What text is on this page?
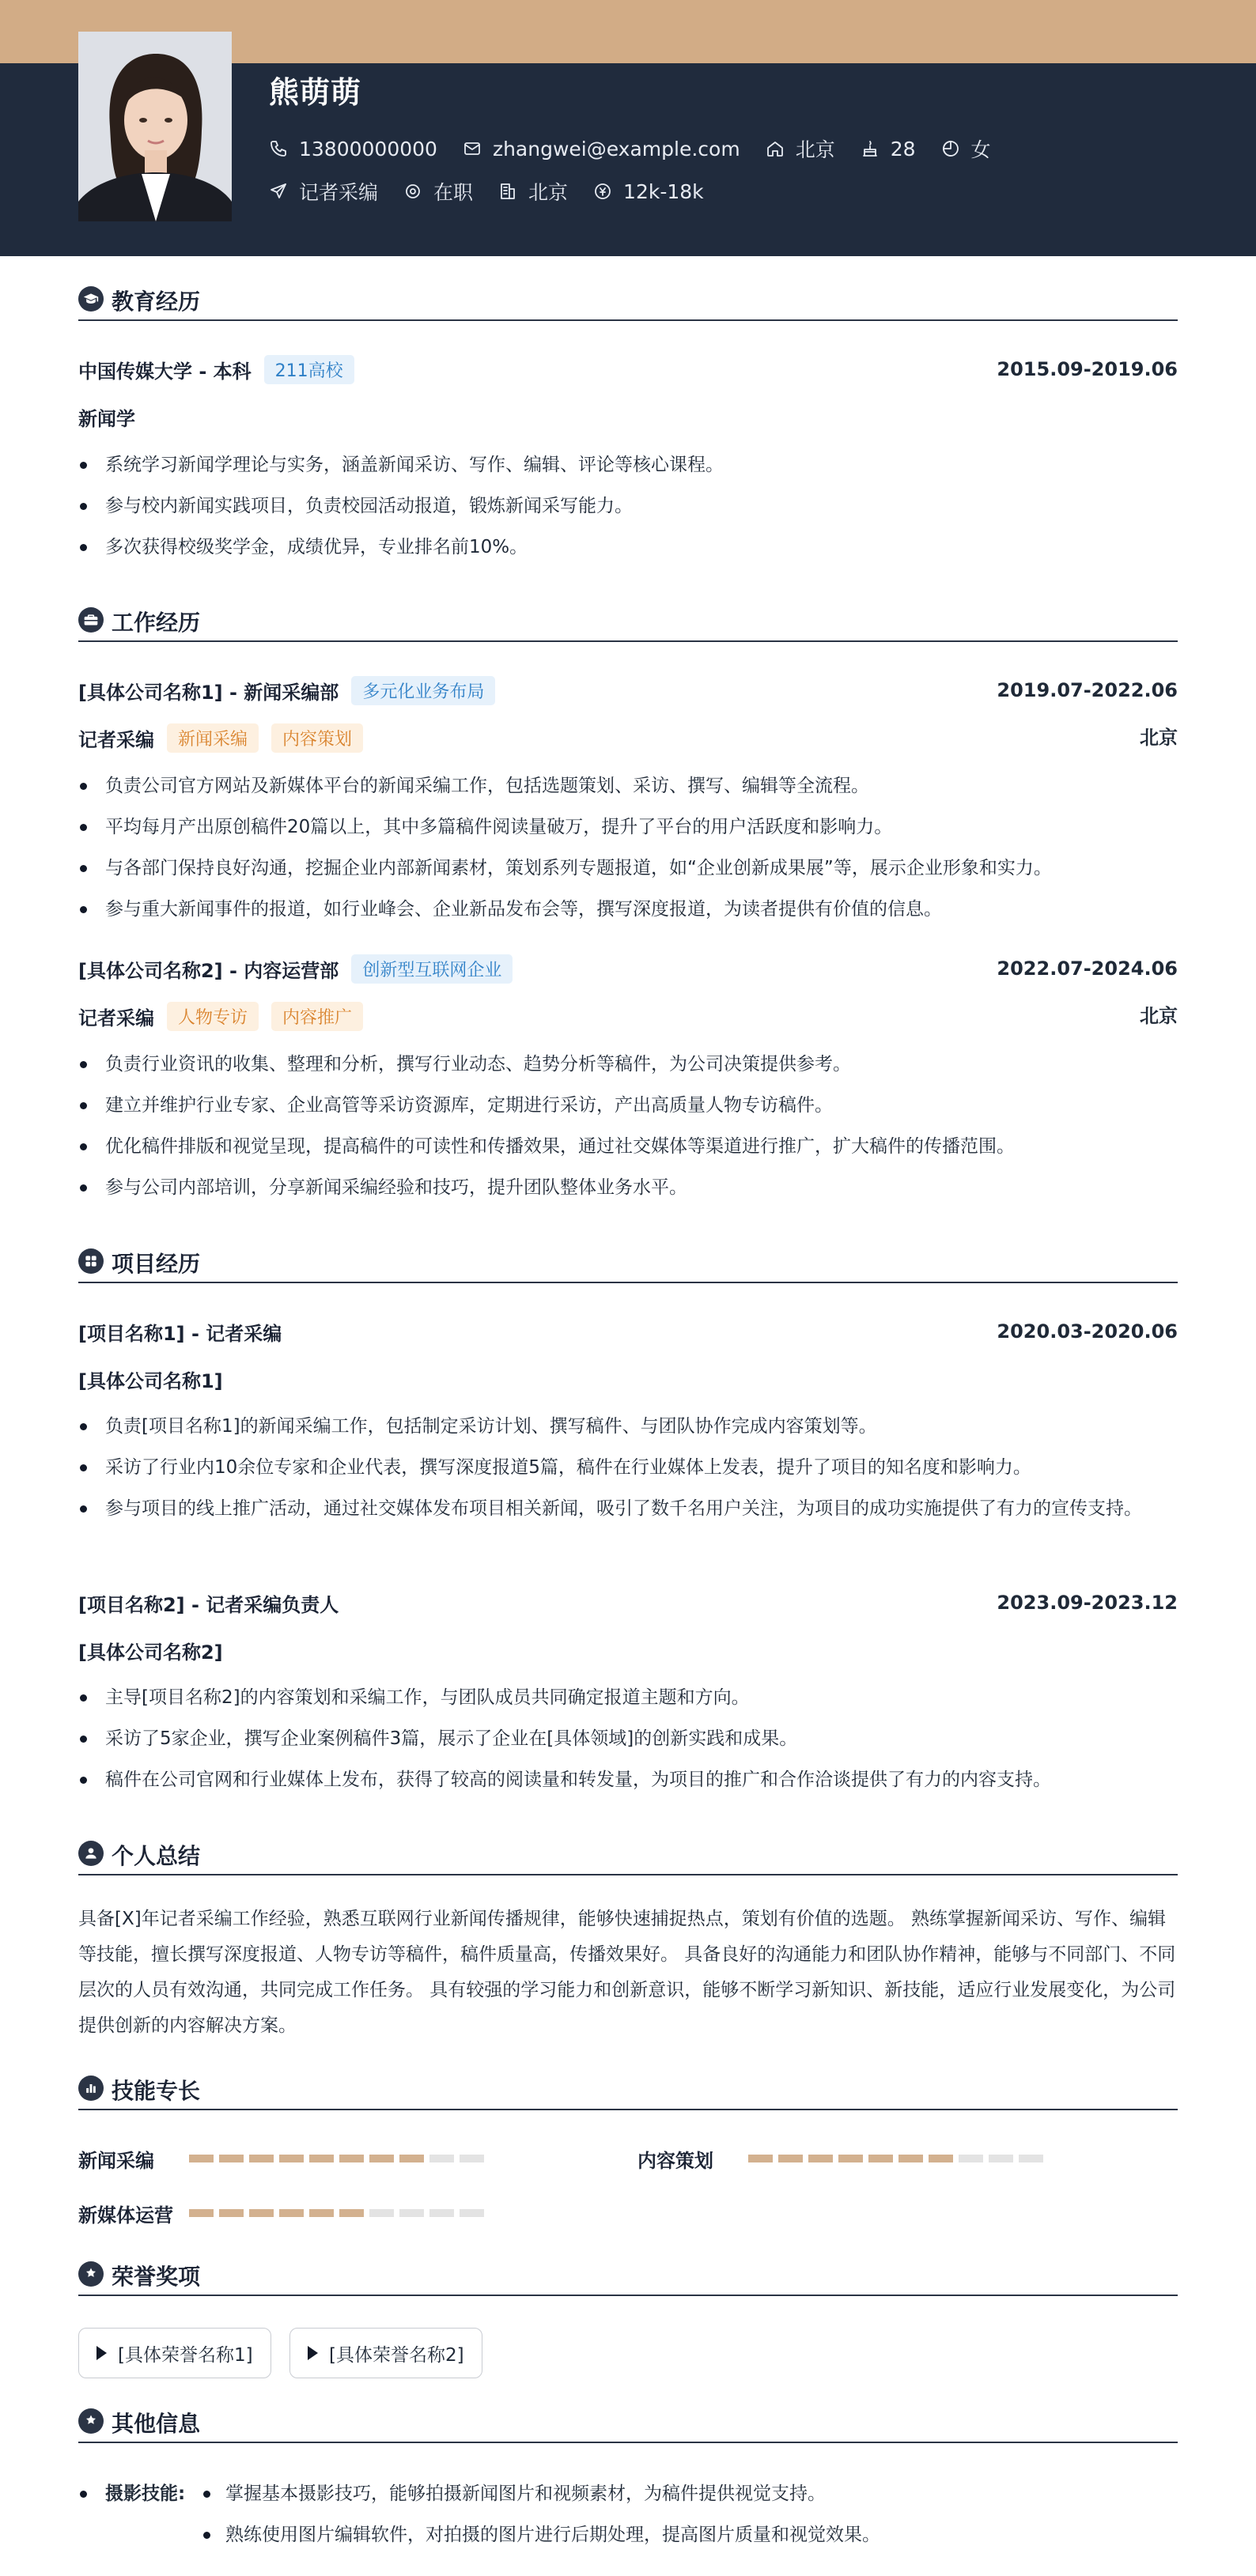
熊萌萌
13800000000	zhangwei@example.com	北京	28	女
记者采编	在职	北京	12k-18k
教育经历
中国传媒大学 - 本科	211高校	2015.09-2019.06
新闻学
系统学习新闻学理论与实务，涵盖新闻采访、写作、编辑、评论等核心课程。
参与校内新闻实践项目，负责校园活动报道，锻炼新闻采写能力。
多次获得校级奖学金，成绩优异，专业排名前10%。
工作经历
[具体公司名称1] - 新闻采编部	多元化业务布局	2019.07-2022.06
记者采编	新闻采编	内容策划	北京
负责公司官方网站及新媒体平台的新闻采编工作，包括选题策划、采访、撰写、编辑等全流程。
平均每月产出原创稿件20篇以上，其中多篇稿件阅读量破万，提升了平台的用户活跃度和影响力。
与各部门保持良好沟通，挖掘企业内部新闻素材，策划系列专题报道，如“企业创新成果展”等，展示企业形象和实力。
参与重大新闻事件的报道，如行业峰会、企业新品发布会等，撰写深度报道，为读者提供有价值的信息。
[具体公司名称2] - 内容运营部	创新型互联网企业	2022.07-2024.06
记者采编	人物专访	内容推广	北京
负责行业资讯的收集、整理和分析，撰写行业动态、趋势分析等稿件，为公司决策提供参考。
建立并维护行业专家、企业高管等采访资源库，定期进行采访，产出高质量人物专访稿件。
优化稿件排版和视觉呈现，提高稿件的可读性和传播效果，通过社交媒体等渠道进行推广，扩大稿件的传播范围。
参与公司内部培训，分享新闻采编经验和技巧，提升团队整体业务水平。
项目经历
[项目名称1] - 记者采编	2020.03-2020.06
[具体公司名称1]
负责[项目名称1]的新闻采编工作，包括制定采访计划、撰写稿件、与团队协作完成内容策划等。
采访了行业内10余位专家和企业代表，撰写深度报道5篇，稿件在行业媒体上发表，提升了项目的知名度和影响力。
参与项目的线上推广活动，通过社交媒体发布项目相关新闻，吸引了数千名用户关注，为项目的成功实施提供了有力的宣传支持。
[项目名称2] - 记者采编负责人	2023.09-2023.12
[具体公司名称2]
主导[项目名称2]的内容策划和采编工作，与团队成员共同确定报道主题和方向。
采访了5家企业，撰写企业案例稿件3篇，展示了企业在[具体领域]的创新实践和成果。
稿件在公司官网和行业媒体上发布，获得了较高的阅读量和转发量，为项目的推广和合作洽谈提供了有力的内容支持。
个人总结
具备[X]年记者采编工作经验，熟悉互联网行业新闻传播规律，能够快速捕捉热点，策划有价值的选题。 熟练掌握新闻采访、写作、编辑等技能，擅长撰写深度报道、人物专访等稿件，稿件质量高，传播效果好。 具备良好的沟通能力和团队协作精神，能够与不同部门、不同层次的人员有效沟通，共同完成工作任务。 具有较强的学习能力和创新意识，能够不断学习新知识、新技能，适应行业发展变化，为公司提供创新的内容解决方案。
技能专长
新闻采编	内容策划
新媒体运营
荣誉奖项
[具体荣誉名称1]	[具体荣誉名称2]
其他信息
摄影技能: 掌握基本摄影技巧，能够拍摄新闻图片和视频素材，为稿件提供视觉支持。
熟练使用图片编辑软件，对拍摄的图片进行后期处理，提高图片质量和视觉效果。
